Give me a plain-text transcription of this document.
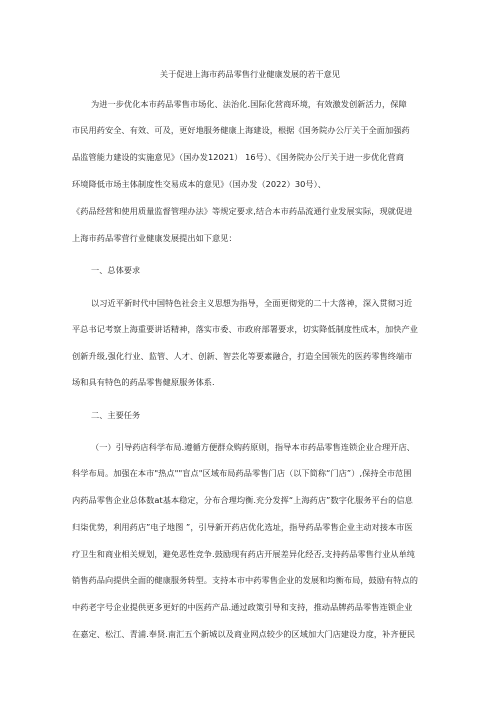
关于促进上海市药品零售行业健康发展的若干意见
为进一步优化本市药品零售市场化、法治化.国际化营商环境，有效激发创新活力，保障
市民用药安全、有效、可及，更好地服务健康上海建设，根据《国务院办公厅关于全面加强药
品监管能力建设的实施意见》（国办发12021） 16号）、《国务院办公厅关于进一步优化营商
环境降低市场主体制度性交易成本的意见》（国办发（2022）30号）、
《药品经营和使用质量监督管理办法》等规定要求,结合本市药品流通行业发展实际，现就促进
上海市药品零营行业健康发展提出如下意见：
一、总体要求
以习近平新时代中国特色社会主义思想为指导，全面更彻党的二十大落神，深入贯彻习近
平总书记考察上海重要讲话精神，落实市委、市政府部署要求，切实降低制度性成本，加快产业
创新升级,强化行业、监管、人才、创新、智芸化等要素融合，打造全国领先的医药零售终端市
场和具有特色的药品零售健原服务体系.
二、主要任务
（一）引导药店科学布局.遵循方便群众购药原则，指导本市药品零售连锁企业合理开店、
科学布局。加强在本市"热点""盲点"区域布局药品零售门店（以下简称“门店”）,保持全市范围
内药品零售企业总体数at基本稳定，分布合理均衡.充分发挥“上海药店”数字化服务平台的信息
归柒优势，利用药店”电子地图 ”，引导新开药店优化选址，指导药品零售企业主动对接本市医
疗卫生和商业相关规划，避免恶性竞争.鼓励现有药店开展差异化经否,支持药品零售行业从单纯
销售药品向提供全面的健康服务转型。支持本市中药零售企业的发展和均衡布局，鼓励有特点的
中药老字号企业提供更多更好的中医药产品.通过政策引导和支持，推动品牌药品零售连锁企业
在嘉定、松江、青浦.奉贤.南汇五个新城以及商业网点较少的区域加大门店建设力度，补齐便民
